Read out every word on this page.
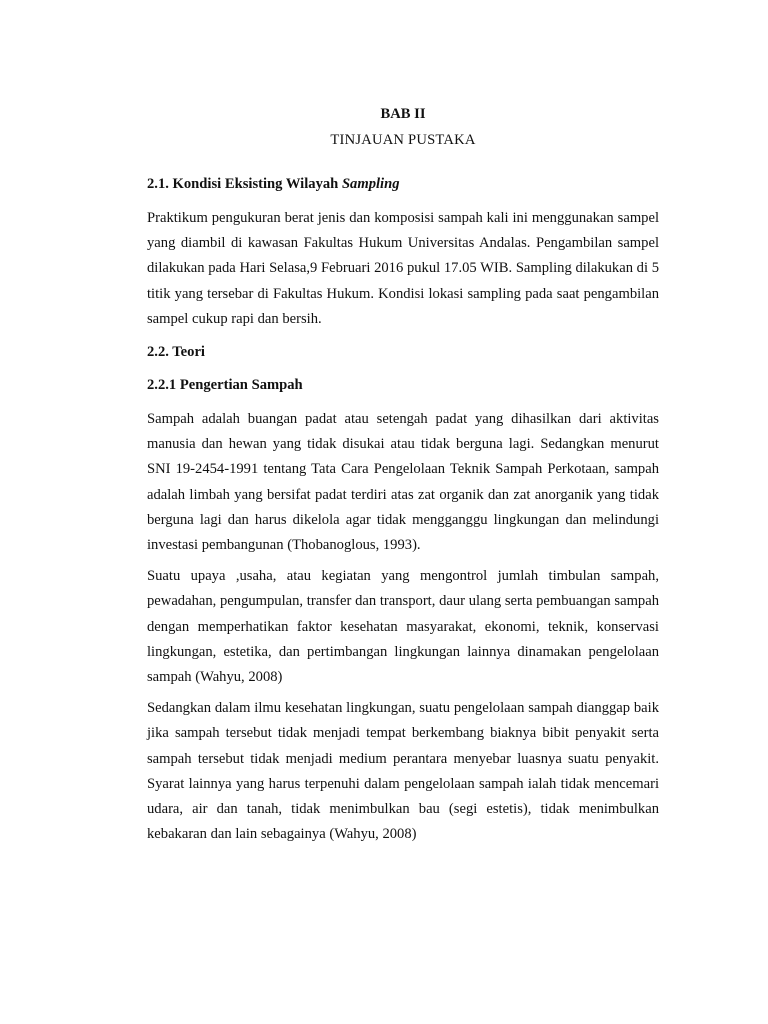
BAB II

TINJAUAN PUSTAKA

2.1. Kondisi Eksisting Wilayah Sampling

Praktikum pengukuran berat jenis dan komposisi sampah kali ini menggunakan sampel yang diambil di kawasan Fakultas Hukum Universitas Andalas. Pengambilan sampel dilakukan pada Hari Selasa,9 Februari 2016 pukul 17.05 WIB. Sampling dilakukan di 5 titik yang tersebar di Fakultas Hukum. Kondisi lokasi sampling pada saat pengambilan sampel cukup rapi dan bersih.

2.2. Teori

2.2.1 Pengertian Sampah

Sampah adalah buangan padat atau setengah padat yang dihasilkan dari aktivitas manusia dan hewan yang tidak disukai atau tidak berguna lagi. Sedangkan menurut SNI 19-2454-1991 tentang Tata Cara Pengelolaan Teknik Sampah Perkotaan, sampah adalah limbah yang bersifat padat terdiri atas zat organik dan zat anorganik yang tidak berguna lagi dan harus dikelola agar tidak mengganggu lingkungan dan melindungi investasi pembangunan (Thobanoglous, 1993).

Suatu upaya ,usaha, atau kegiatan yang mengontrol jumlah timbulan sampah, pewadahan, pengumpulan, transfer dan transport, daur ulang serta pembuangan sampah dengan memperhatikan faktor kesehatan masyarakat, ekonomi, teknik, konservasi lingkungan, estetika, dan pertimbangan lingkungan lainnya dinamakan pengelolaan sampah (Wahyu, 2008)

Sedangkan dalam ilmu kesehatan lingkungan, suatu pengelolaan sampah dianggap baik jika sampah tersebut tidak menjadi tempat berkembang biaknya bibit penyakit serta sampah tersebut tidak menjadi medium perantara menyebar luasnya suatu penyakit. Syarat lainnya yang harus terpenuhi dalam pengelolaan sampah ialah tidak mencemari udara, air dan tanah, tidak menimbulkan bau (segi estetis), tidak menimbulkan kebakaran dan lain sebagainya (Wahyu, 2008)
